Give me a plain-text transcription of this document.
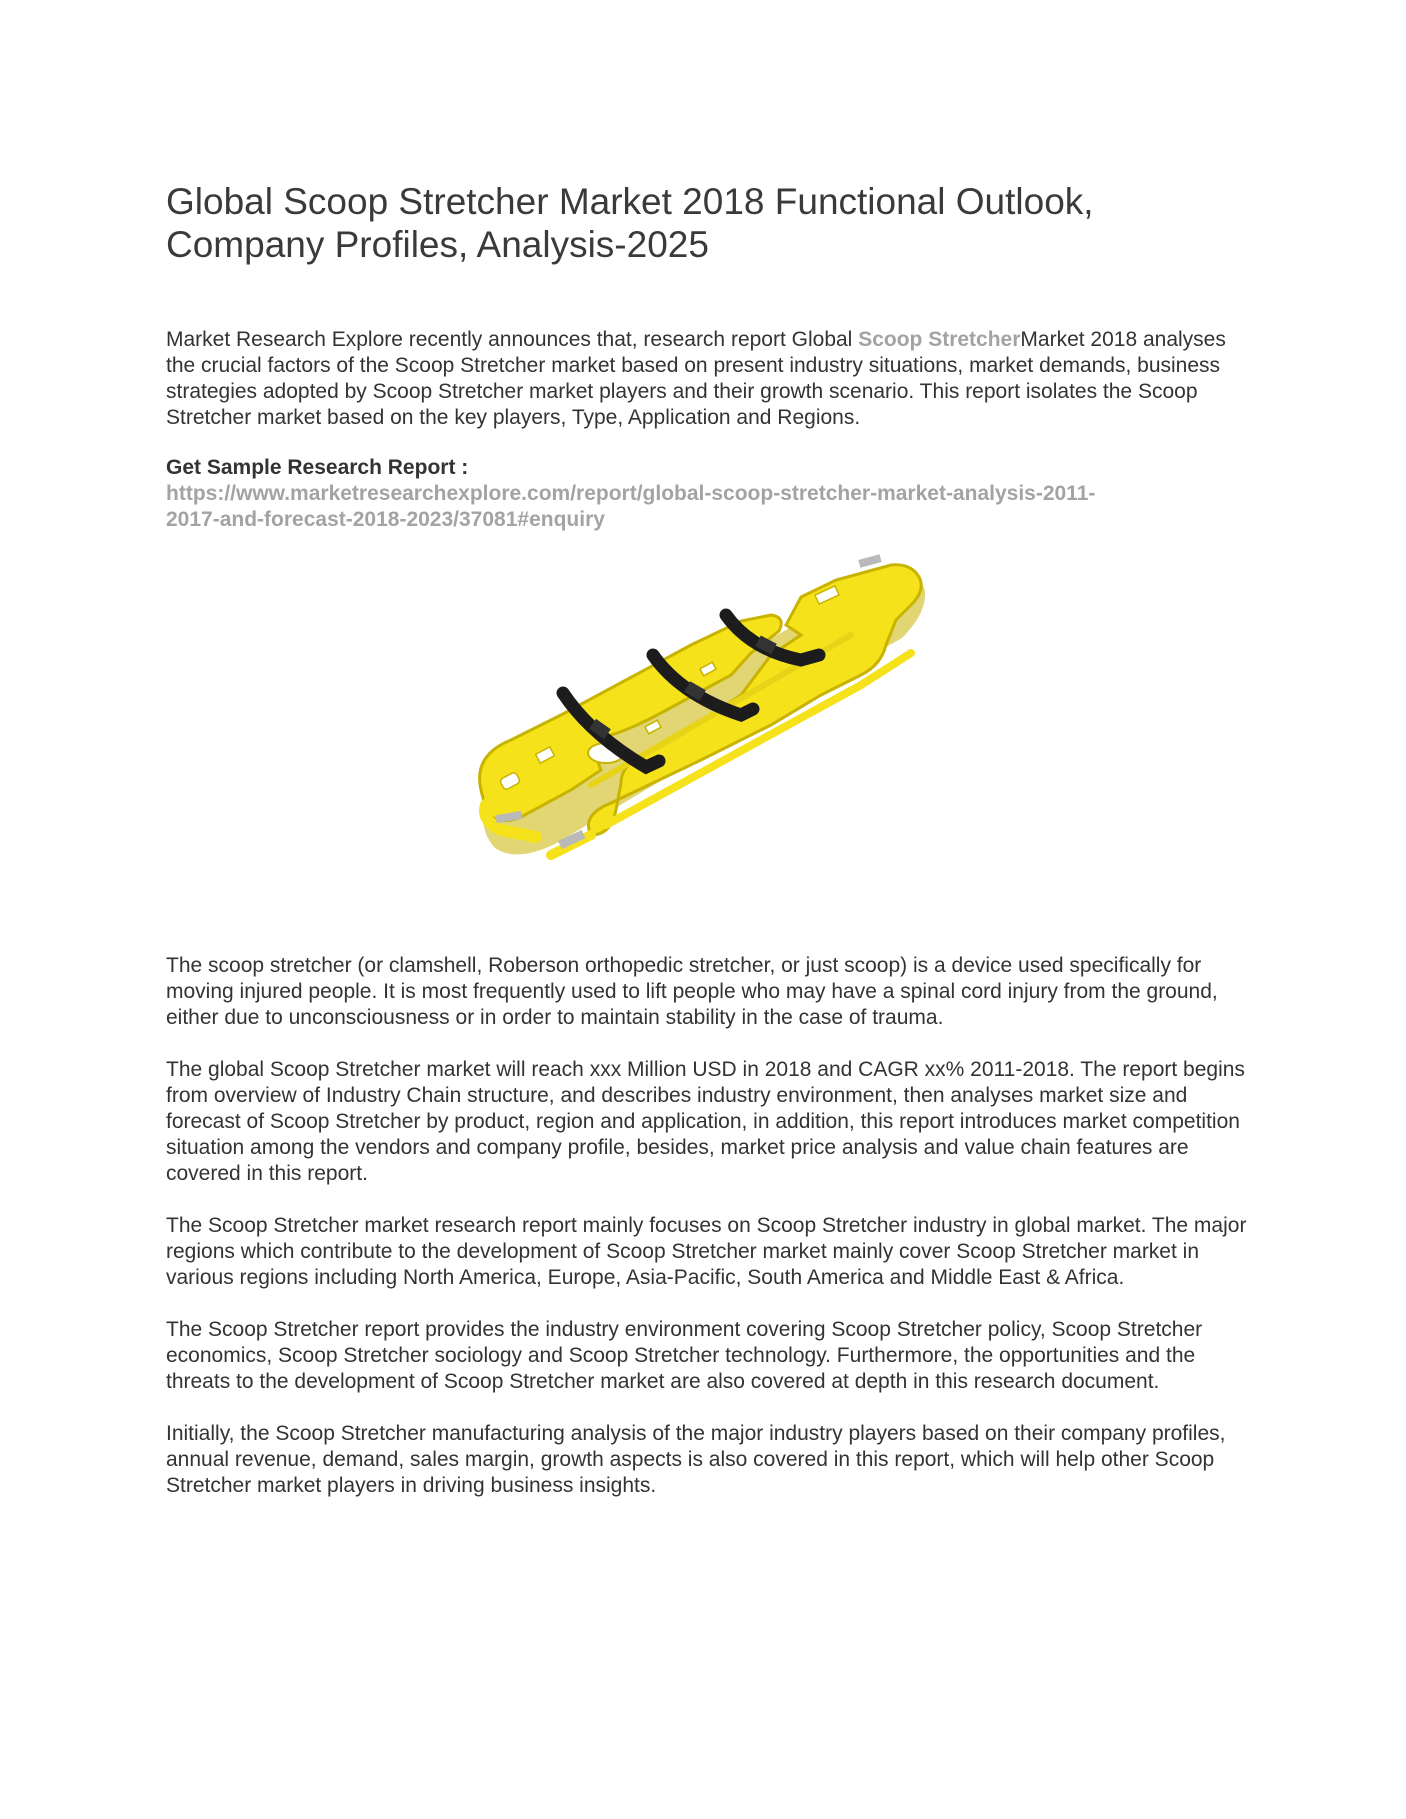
Global Scoop Stretcher Market 2018 Functional Outlook,
Company Profiles, Analysis-2025

Market Research Explore recently announces that, research report Global Scoop StretcherMarket 2018 analyses the crucial factors of the Scoop Stretcher market based on present industry situations, market demands, business strategies adopted by Scoop Stretcher market players and their growth scenario. This report isolates the Scoop Stretcher market based on the key players, Type, Application and Regions.

Get Sample Research Report :
https://www.marketresearchexplore.com/report/global-scoop-stretcher-market-analysis-2011-
2017-and-forecast-2018-2023/37081#enquiry

The scoop stretcher (or clamshell, Roberson orthopedic stretcher, or just scoop) is a device used specifically for moving injured people. It is most frequently used to lift people who may have a spinal cord injury from the ground, either due to unconsciousness or in order to maintain stability in the case of trauma.

The global Scoop Stretcher market will reach xxx Million USD in 2018 and CAGR xx% 2011-2018. The report begins from overview of Industry Chain structure, and describes industry environment, then analyses market size and forecast of Scoop Stretcher by product, region and application, in addition, this report introduces market competition situation among the vendors and company profile, besides, market price analysis and value chain features are covered in this report.

The Scoop Stretcher market research report mainly focuses on Scoop Stretcher industry in global market. The major regions which contribute to the development of Scoop Stretcher market mainly cover Scoop Stretcher market in various regions including North America, Europe, Asia-Pacific, South America and Middle East & Africa.

The Scoop Stretcher report provides the industry environment covering Scoop Stretcher policy, Scoop Stretcher economics, Scoop Stretcher sociology and Scoop Stretcher technology. Furthermore, the opportunities and the threats to the development of Scoop Stretcher market are also covered at depth in this research document.

Initially, the Scoop Stretcher manufacturing analysis of the major industry players based on their company profiles, annual revenue, demand, sales margin, growth aspects is also covered in this report, which will help other Scoop Stretcher market players in driving business insights.
